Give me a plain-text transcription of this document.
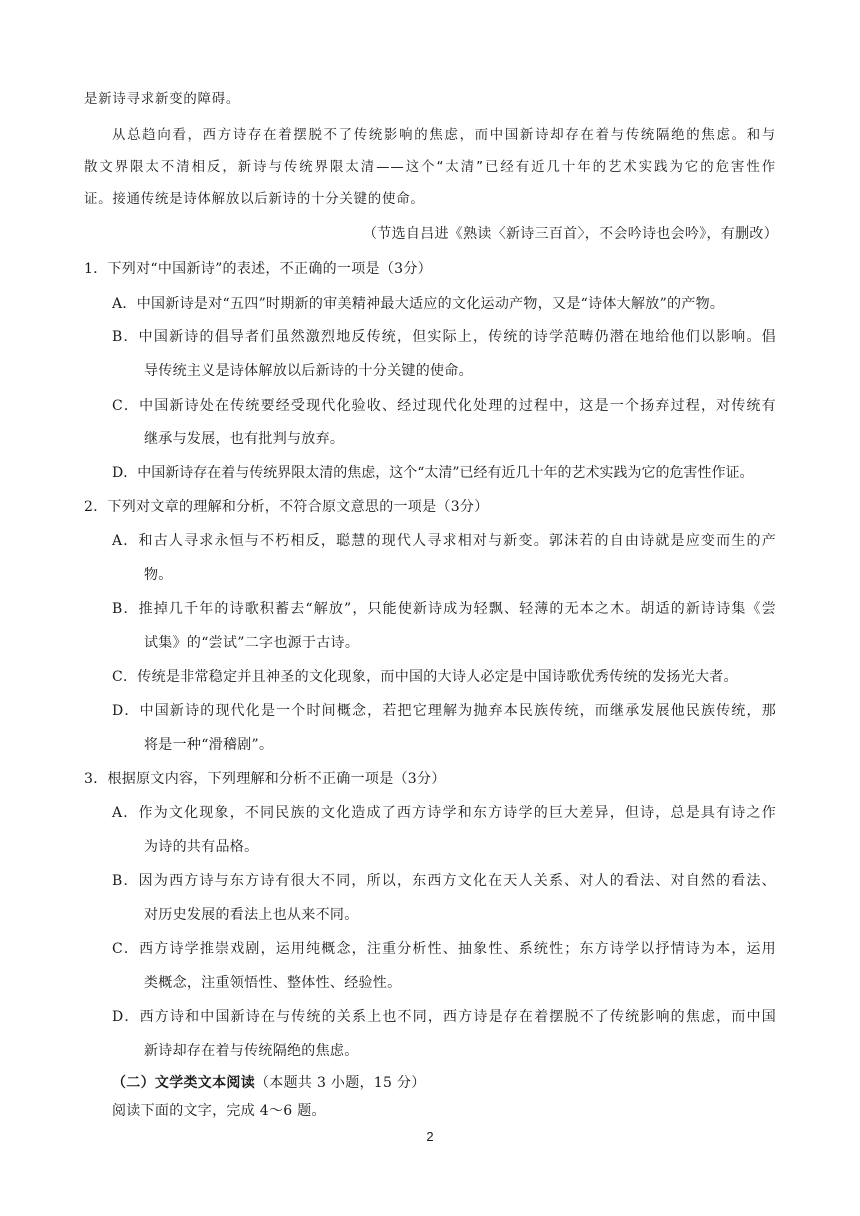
是新诗寻求新变的障碍。
从总趋向看，西方诗存在着摆脱不了传统影响的焦虑，而中国新诗却存在着与传统隔绝的焦虑。和与
散文界限太不清相反，新诗与传统界限太清——这个“太清”已经有近几十年的艺术实践为它的危害性作
证。接通传统是诗体解放以后新诗的十分关键的使命。
（节选自吕进《熟读〈新诗三百首〉，不会吟诗也会吟》，有删改）
1．下列对“中国新诗”的表述，不正确的一项是（3分）
A．中国新诗是对“五四”时期新的审美精神最大适应的文化运动产物，又是“诗体大解放”的产物。
B．中国新诗的倡导者们虽然激烈地反传统，但实际上，传统的诗学范畴仍潜在地给他们以影响。倡
导传统主义是诗体解放以后新诗的十分关键的使命。
C．中国新诗处在传统要经受现代化验收、经过现代化处理的过程中，这是一个扬弃过程，对传统有
继承与发展，也有批判与放弃。
D．中国新诗存在着与传统界限太清的焦虑，这个“太清”已经有近几十年的艺术实践为它的危害性作证。
2．下列对文章的理解和分析，不符合原文意思的一项是（3分）
A．和古人寻求永恒与不朽相反，聪慧的现代人寻求相对与新变。郭沫若的自由诗就是应变而生的产
物。
B．推掉几千年的诗歌积蓄去“解放”，只能使新诗成为轻飘、轻薄的无本之木。胡适的新诗诗集《尝
试集》的“尝试”二字也源于古诗。
C．传统是非常稳定并且神圣的文化现象，而中国的大诗人必定是中国诗歌优秀传统的发扬光大者。
D．中国新诗的现代化是一个时间概念，若把它理解为抛弃本民族传统，而继承发展他民族传统，那
将是一种“滑稽剧”。
3．根据原文内容，下列理解和分析不正确一项是（3分）
A．作为文化现象，不同民族的文化造成了西方诗学和东方诗学的巨大差异，但诗，总是具有诗之作
为诗的共有品格。
B．因为西方诗与东方诗有很大不同，所以，东西方文化在天人关系、对人的看法、对自然的看法、
对历史发展的看法上也从来不同。
C．西方诗学推崇戏剧，运用纯概念，注重分析性、抽象性、系统性；东方诗学以抒情诗为本，运用
类概念，注重领悟性、整体性、经验性。
D．西方诗和中国新诗在与传统的关系上也不同，西方诗是存在着摆脱不了传统影响的焦虑，而中国
新诗却存在着与传统隔绝的焦虑。
（二）文学类文本阅读（本题共 3 小题，15 分）
阅读下面的文字，完成 4～6 题。
2
